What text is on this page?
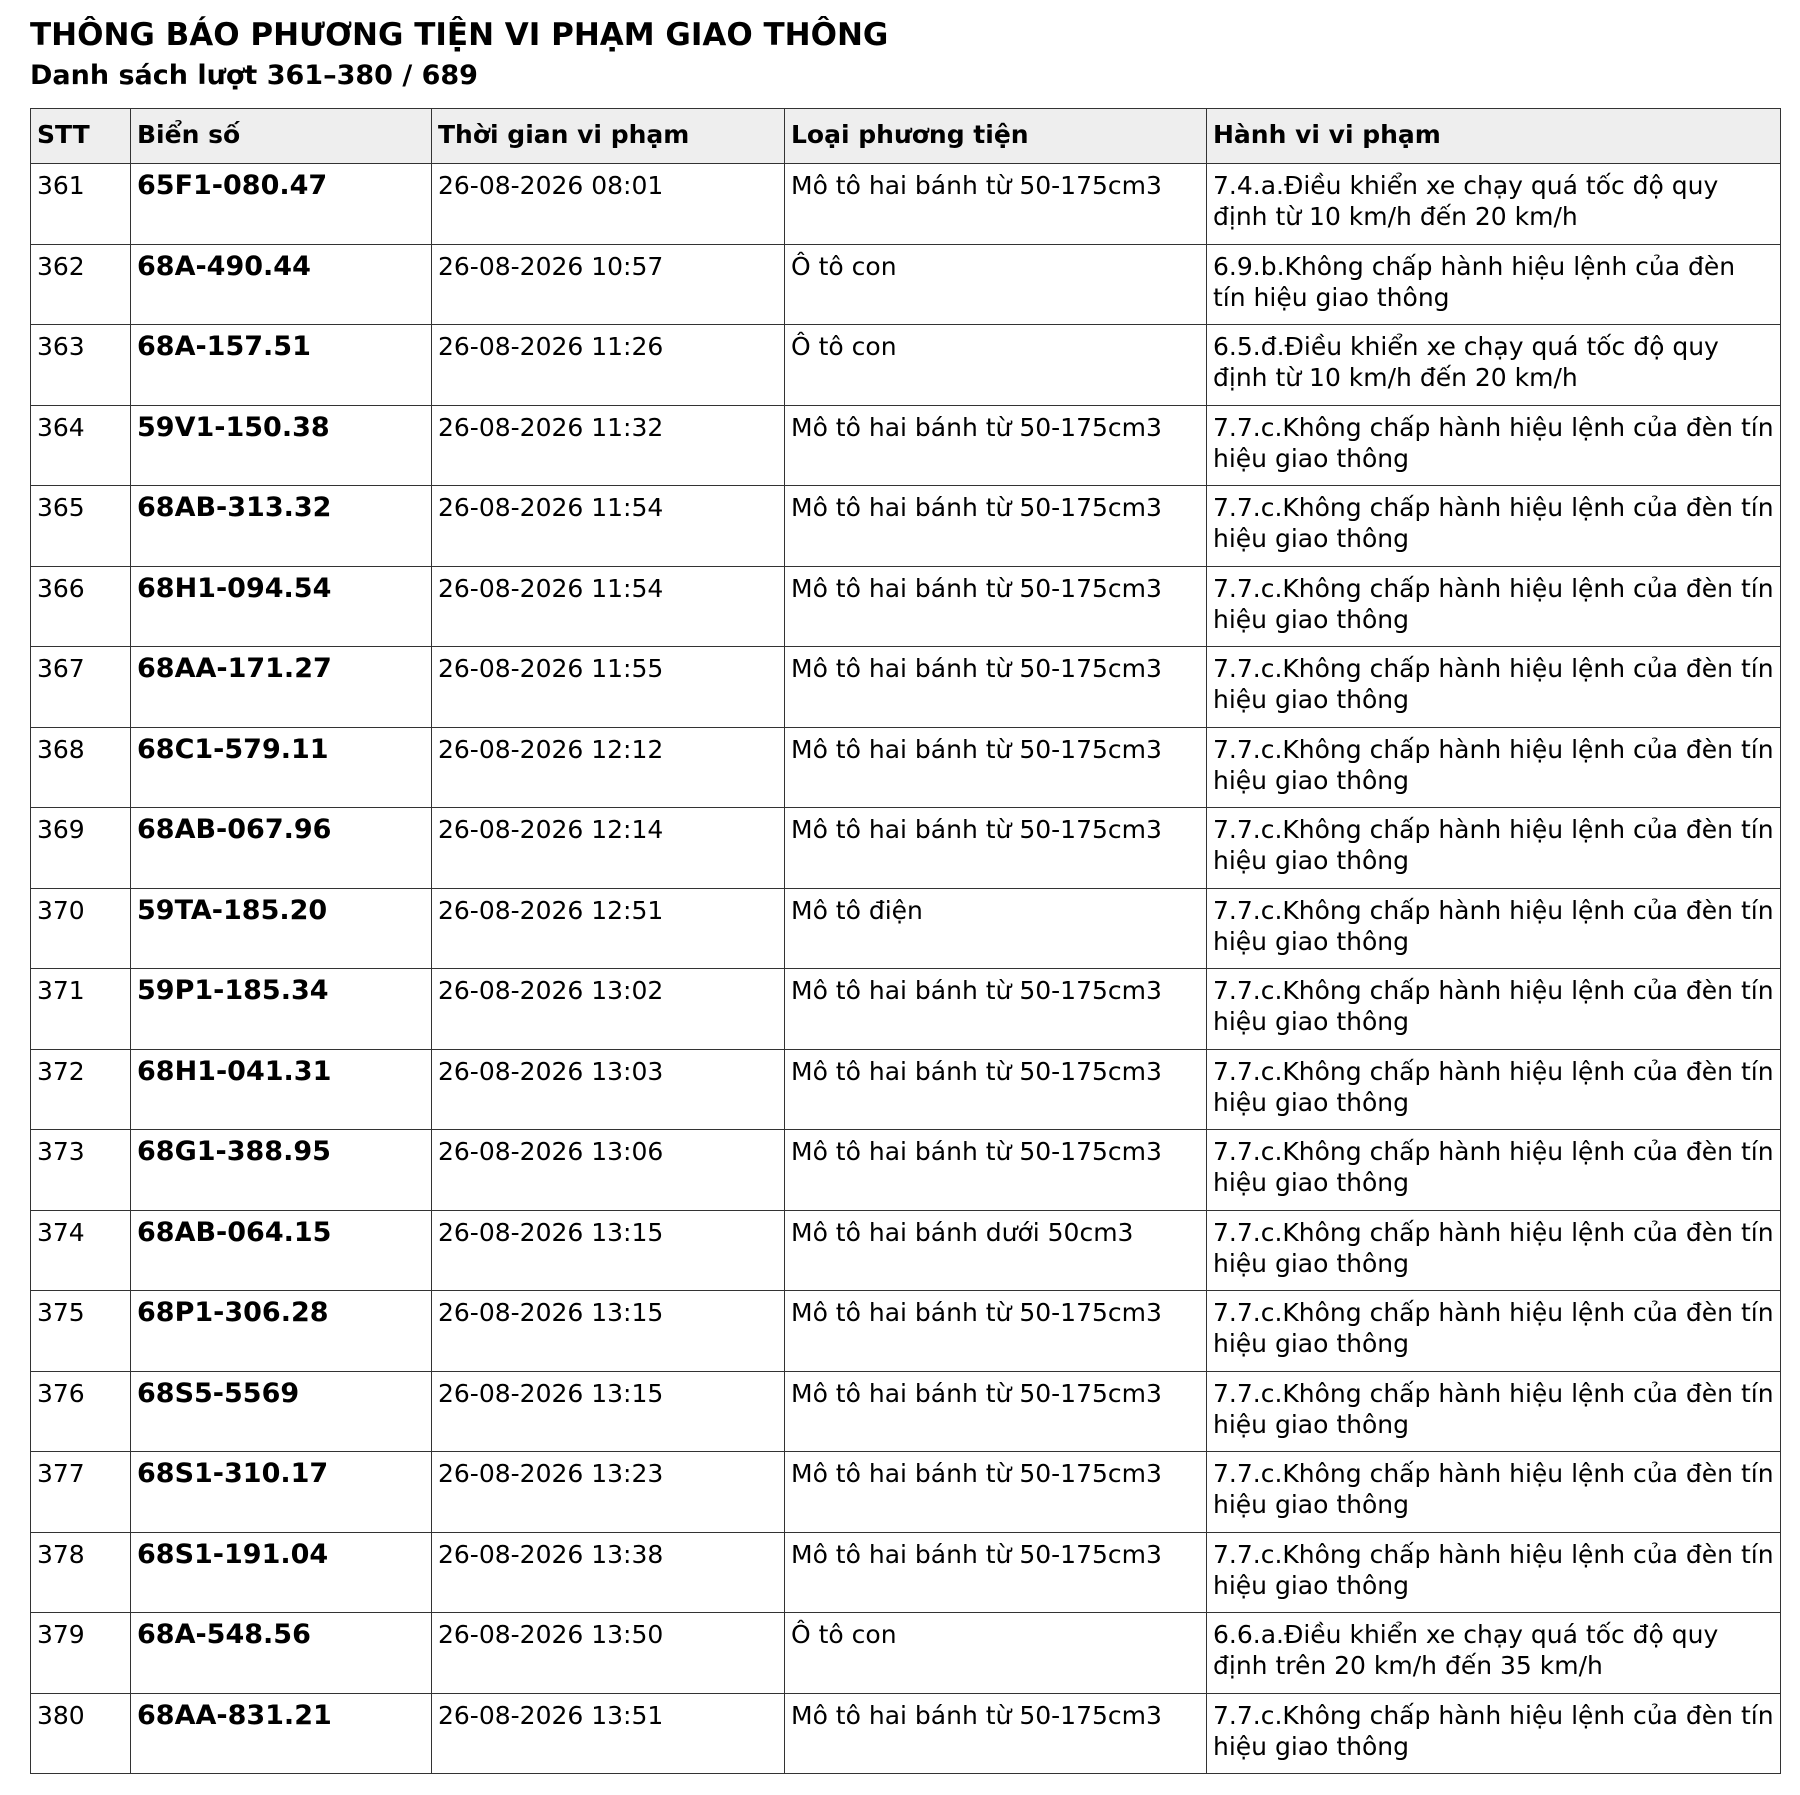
THÔNG BÁO PHƯƠNG TIỆN VI PHẠM GIAO THÔNG
Danh sách lượt 361–380 / 689
STT	Biển số	Thời gian vi phạm	Loại phương tiện	Hành vi vi phạm
361	65F1-080.47	26-08-2026 08:01	Mô tô hai bánh từ 50-175cm3	7.4.a.Điều khiển xe chạy quá tốc độ quy định từ 10 km/h đến 20 km/h
362	68A-490.44	26-08-2026 10:57	Ô tô con	6.9.b.Không chấp hành hiệu lệnh của đèn tín hiệu giao thông
363	68A-157.51	26-08-2026 11:26	Ô tô con	6.5.đ.Điều khiển xe chạy quá tốc độ quy định từ 10 km/h đến 20 km/h
364	59V1-150.38	26-08-2026 11:32	Mô tô hai bánh từ 50-175cm3	7.7.c.Không chấp hành hiệu lệnh của đèn tín hiệu giao thông
365	68AB-313.32	26-08-2026 11:54	Mô tô hai bánh từ 50-175cm3	7.7.c.Không chấp hành hiệu lệnh của đèn tín hiệu giao thông
366	68H1-094.54	26-08-2026 11:54	Mô tô hai bánh từ 50-175cm3	7.7.c.Không chấp hành hiệu lệnh của đèn tín hiệu giao thông
367	68AA-171.27	26-08-2026 11:55	Mô tô hai bánh từ 50-175cm3	7.7.c.Không chấp hành hiệu lệnh của đèn tín hiệu giao thông
368	68C1-579.11	26-08-2026 12:12	Mô tô hai bánh từ 50-175cm3	7.7.c.Không chấp hành hiệu lệnh của đèn tín hiệu giao thông
369	68AB-067.96	26-08-2026 12:14	Mô tô hai bánh từ 50-175cm3	7.7.c.Không chấp hành hiệu lệnh của đèn tín hiệu giao thông
370	59TA-185.20	26-08-2026 12:51	Mô tô điện	7.7.c.Không chấp hành hiệu lệnh của đèn tín hiệu giao thông
371	59P1-185.34	26-08-2026 13:02	Mô tô hai bánh từ 50-175cm3	7.7.c.Không chấp hành hiệu lệnh của đèn tín hiệu giao thông
372	68H1-041.31	26-08-2026 13:03	Mô tô hai bánh từ 50-175cm3	7.7.c.Không chấp hành hiệu lệnh của đèn tín hiệu giao thông
373	68G1-388.95	26-08-2026 13:06	Mô tô hai bánh từ 50-175cm3	7.7.c.Không chấp hành hiệu lệnh của đèn tín hiệu giao thông
374	68AB-064.15	26-08-2026 13:15	Mô tô hai bánh dưới 50cm3	7.7.c.Không chấp hành hiệu lệnh của đèn tín hiệu giao thông
375	68P1-306.28	26-08-2026 13:15	Mô tô hai bánh từ 50-175cm3	7.7.c.Không chấp hành hiệu lệnh của đèn tín hiệu giao thông
376	68S5-5569	26-08-2026 13:15	Mô tô hai bánh từ 50-175cm3	7.7.c.Không chấp hành hiệu lệnh của đèn tín hiệu giao thông
377	68S1-310.17	26-08-2026 13:23	Mô tô hai bánh từ 50-175cm3	7.7.c.Không chấp hành hiệu lệnh của đèn tín hiệu giao thông
378	68S1-191.04	26-08-2026 13:38	Mô tô hai bánh từ 50-175cm3	7.7.c.Không chấp hành hiệu lệnh của đèn tín hiệu giao thông
379	68A-548.56	26-08-2026 13:50	Ô tô con	6.6.a.Điều khiển xe chạy quá tốc độ quy định trên 20 km/h đến 35 km/h
380	68AA-831.21	26-08-2026 13:51	Mô tô hai bánh từ 50-175cm3	7.7.c.Không chấp hành hiệu lệnh của đèn tín hiệu giao thông
